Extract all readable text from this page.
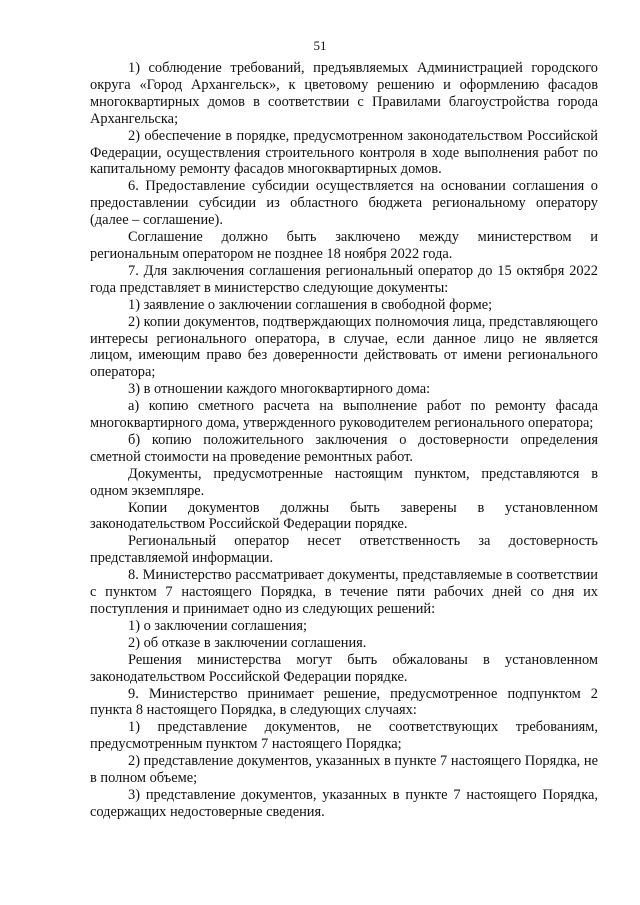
51

1) соблюдение требований, предъявляемых Администрацией городского округа «Город Архангельск», к цветовому решению и оформлению фасадов многоквартирных домов в соответствии с Правилами благоустройства города Архангельска;

2) обеспечение в порядке, предусмотренном законодательством Российской Федерации, осуществления строительного контроля в ходе выполнения работ по капитальному ремонту фасадов многоквартирных домов.

6. Предоставление субсидии осуществляется на основании соглашения о предоставлении субсидии из областного бюджета региональному оператору (далее – соглашение).

Соглашение должно быть заключено между министерством и региональным оператором не позднее 18 ноября 2022 года.

7. Для заключения соглашения региональный оператор до 15 октября 2022 года представляет в министерство следующие документы:

1) заявление о заключении соглашения в свободной форме;

2) копии документов, подтверждающих полномочия лица, представляющего интересы регионального оператора, в случае, если данное лицо не является лицом, имеющим право без доверенности действовать от имени регионального оператора;

3) в отношении каждого многоквартирного дома:

а) копию сметного расчета на выполнение работ по ремонту фасада многоквартирного дома, утвержденного руководителем регионального оператора;

б) копию положительного заключения о достоверности определения сметной стоимости на проведение ремонтных работ.

Документы, предусмотренные настоящим пунктом, представляются в одном экземпляре.

Копии документов должны быть заверены в установленном законодательством Российской Федерации порядке.

Региональный оператор несет ответственность за достоверность представляемой информации.

8. Министерство рассматривает документы, представляемые в соответствии с пунктом 7 настоящего Порядка, в течение пяти рабочих дней со дня их поступления и принимает одно из следующих решений:

1) о заключении соглашения;

2) об отказе в заключении соглашения.

Решения министерства могут быть обжалованы в установленном законодательством Российской Федерации порядке.

9. Министерство принимает решение, предусмотренное подпунктом 2 пункта 8 настоящего Порядка, в следующих случаях:

1) представление документов, не соответствующих требованиям, предусмотренным пунктом 7 настоящего Порядка;

2) представление документов, указанных в пункте 7 настоящего Порядка, не в полном объеме;

3) представление документов, указанных в пункте 7 настоящего Порядка, содержащих недостоверные сведения.
